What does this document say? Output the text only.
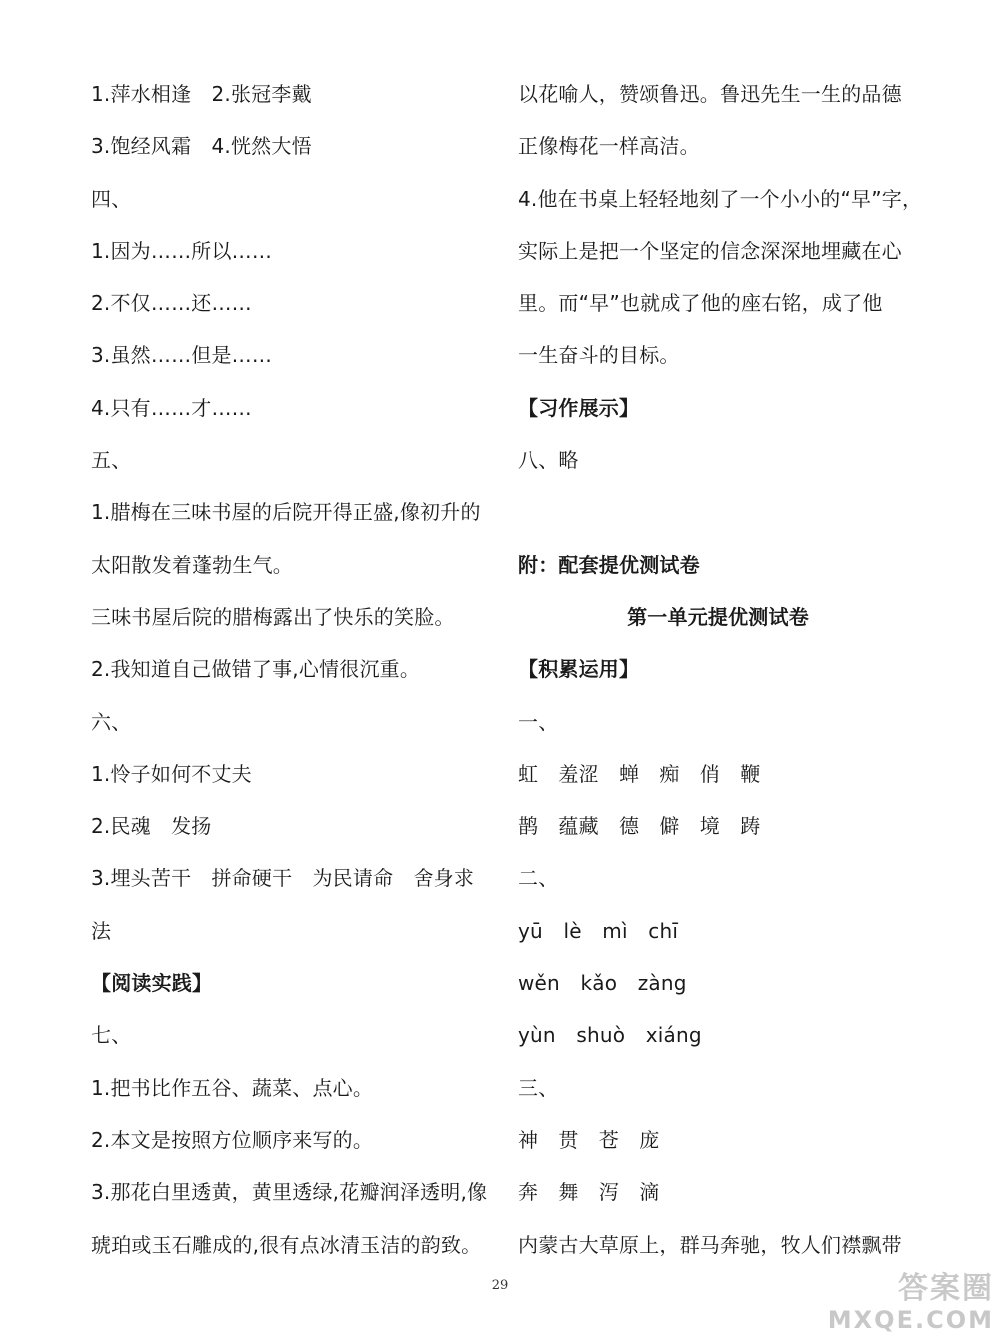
1.萍水相逢　2.张冠李戴
3.饱经风霜　4.恍然大悟
四、
1.因为……所以……
2.不仅……还……
3.虽然……但是……
4.只有……才……
五、
1.腊梅在三味书屋的后院开得正盛,像初升的
太阳散发着蓬勃生气。
三味书屋后院的腊梅露出了快乐的笑脸。
2.我知道自己做错了事,心情很沉重。
六、
1.怜子如何不丈夫
2.民魂　发扬
3.埋头苦干　拼命硬干　为民请命　舍身求
法
【阅读实践】
七、
1.把书比作五谷、蔬菜、点心。
2.本文是按照方位顺序来写的。
3.那花白里透黄，黄里透绿,花瓣润泽透明,像
琥珀或玉石雕成的,很有点冰清玉洁的韵致。
以花喻人，赞颂鲁迅。鲁迅先生一生的品德
正像梅花一样高洁。
4.他在书桌上轻轻地刻了一个小小的“早”字，
实际上是把一个坚定的信念深深地埋藏在心
里。而“早”也就成了他的座右铭，成了他
一生奋斗的目标。
【习作展示】
八、略
附：配套提优测试卷
第一单元提优测试卷
【积累运用】
一、
虹　羞涩　蝉　痴　俏　鞭
鹊　蕴藏　德　僻　境　踌
二、
yū lè mì chī
wěn kǎo zàng
yùn shuò xiáng
三、
神　贯　苍　庞
奔　舞　泻　滴
内蒙古大草原上，群马奔驰，牧人们襟飘带
29	答案圈
MXQE.COM
